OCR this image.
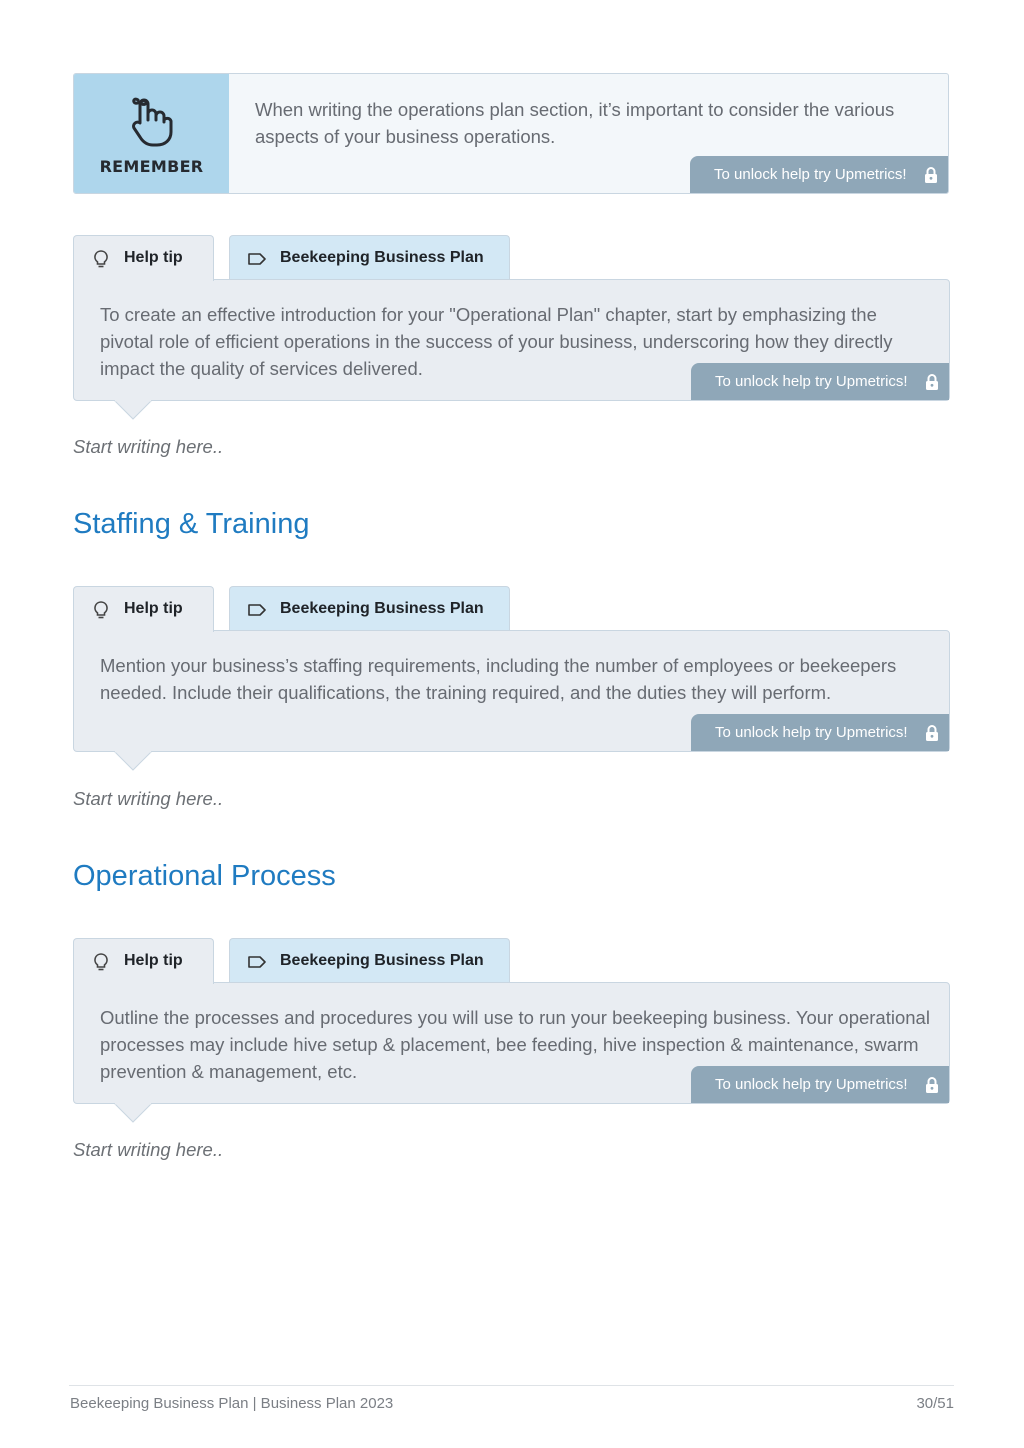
REMEMBER
When writing the operations plan section, it’s important to consider the various aspects of your business operations.
To unlock help try Upmetrics!
Help tip	Beekeeping Business Plan
To create an effective introduction for your "Operational Plan" chapter, start by emphasizing the pivotal role of efficient operations in the success of your business, underscoring how they directly impact the quality of services delivered.
To unlock help try Upmetrics!
Start writing here..
Staffing & Training
Help tip	Beekeeping Business Plan
Mention your business’s staffing requirements, including the number of employees or beekeepers needed. Include their qualifications, the training required, and the duties they will perform.
To unlock help try Upmetrics!
Start writing here..
Operational Process
Help tip	Beekeeping Business Plan
Outline the processes and procedures you will use to run your beekeeping business. Your operational processes may include hive setup & placement, bee feeding, hive inspection & maintenance, swarm prevention & management, etc.
To unlock help try Upmetrics!
Start writing here..
Beekeeping Business Plan | Business Plan 2023	30/51
